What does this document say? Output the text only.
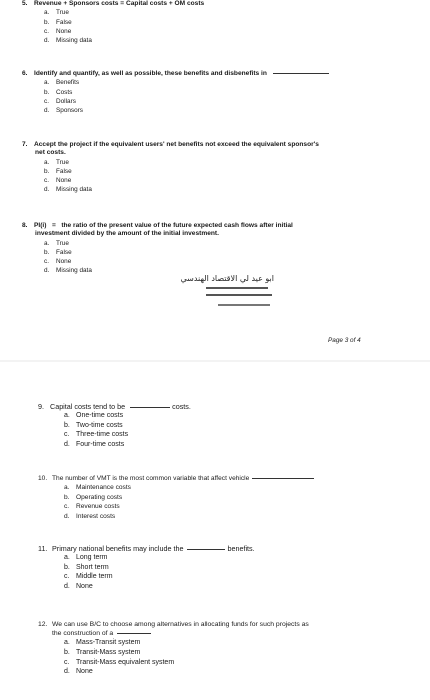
5. Revenue + Sponsors costs = Capital costs + OM costs
a. True
b. False
c. None
d. Missing data
6. Identify and quantify, as well as possible, these benefits and disbenefits in
a. Benefits
b. Costs
c. Dollars
d. Sponsors
7. Accept the project if the equivalent users' net benefits not exceed the equivalent sponsor's
net costs.
a. True
b. False
c. None
d. Missing data
8. PI(i) = the ratio of the present value of the future expected cash flows after initial
investment divided by the amount of the initial investment.
a. True
b. False
c. None
d. Missing data
ابو عيد لي الاقتصاد الهندسي
Page 3 of 4
9. Capital costs tend to be	costs.
a. One-time costs
b. Two-time costs
c. Three-time costs
d. Four-time costs
10. The number of VMT is the most common variable that affect vehicle
a. Maintenance costs
b. Operating costs
c. Revenue costs
d. Interest costs
11. Primary national benefits may include the	benefits.
a. Long term
b. Short term
c. Middle term
d. None
12. We can use B/C to choose among alternatives in allocating funds for such projects as
the construction of a
a. Mass-Transit system
b. Transit-Mass system
c. Transit-Mass equivalent system
d. None
